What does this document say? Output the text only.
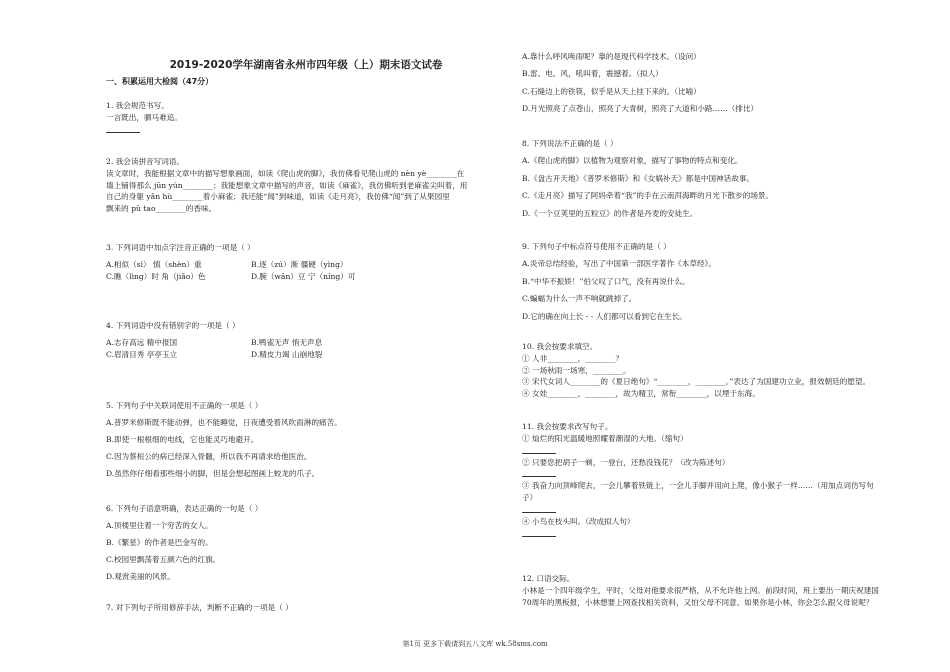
2019-2020学年湖南省永州市四年级（上）期末语文试卷
一、积累运用大检阅（47分）

1. 我会规范书写。

一言既出，驷马难追。

2. 我会读拼音写词语。

读文章时，我能根据文章中的描写想象画面，如读《爬山虎的脚》，我仿佛看见爬山虎的 nèn yè________在

墙上铺得那么 jūn yún________；我能想象文章中描写的声音，如读《麻雀》，我仿佛听到老麻雀尖叫着，用

自己的身躯 yǎn hù________着小麻雀；我还能“闻”到味道，如读《走月亮》，我仿佛“闻”到了从果园里

飘来的 pǔ tao________的香味。

3. 下列词语中加点字注音正确的一项是（ ）

A.相似（sì） 慎（shèn）重	B.逐（zú）渐 僵硬（yìng）

C.瞧（lìng）时 角（jiǎo）色	D.腕（wǎn）豆 宁（níng）可

4. 下列词语中没有错别字的一项是（ ）

A.志存高远 精中报国	B.鸭雀无声 悄无声息

C.眉清目秀 亭亭玉立	D.精皮力竭 山崩地裂

5. 下列句子中关联词使用不正确的一项是（ ）

A.普罗米修斯既不能动弹，也不能睡觉，日夜遭受着风吹雨淋的痛苦。

B.即使一根根细的电线，它也能灵巧地避开。

C.因为蔡桓公的病已经深入骨髓，所以我不再请求给他医治。

D.虽然你仔细看那些细小的脚，但是会想起图画上蛟龙的爪子。

6. 下列句子语意明确，表达正确的一句是（ ）

A.顶楼里住着一个穷苦的女人。

B.《繁星》的作者是巴金写的。

C.校园里飘荡着五颜六色的红旗。

D.观赏美丽的风景。

7. 对下列句子所用修辞手法，判断不正确的一项是（ ）

A.靠什么呼风唤雨呢？靠的是现代科学技术。（设问）

B.雷、电、风，吼叫着，震撼着。（拟人）

C.石缝边上的铁筷，似乎是从天上挂下来的。（比喻）

D.月光照亮了点苍山，照亮了大青树，照亮了大道和小路……（排比）

8. 下列说法不正确的是（ ）

A.《爬山虎的脚》以植物为观察对象，描写了事物的特点和变化。

B.《盘古开天地》《普罗米修斯》和《女娲补天》都是中国神话故事。

C.《走月亮》描写了阿妈牵着“我”的手在云南洱海畔的月光下散步的场景。

D.《一个豆荚里的五粒豆》的作者是丹麦的安徒生。

9. 下列句子中标点符号使用不正确的是（ ）

A.炎帝总结经验，写出了中国第一部医学著作《本草经》。

B.“中华不振娇！”伯父叹了口气，没有再说什么。

C.蝙蝠为什么一声不响就跳掉了。

D.它的确在向上长 - - 人们都可以看到它在生长。

10. 我会按要求填空。

① 人非________，________？

② 一场秋雨一场寒，________。

③ 宋代女词人________的《夏日绝句》“________，________。”表达了为国建功立业，报效朝廷的愿望。

④ 女娃________，________，故为精卫，常衔________，以堙于东海。

11. 我会按要求改写句子。

① 灿烂的阳光温暖地照耀着潮湿的大地。（缩句）

② 只要您把胡子一剃，一登台，还愁没钱花？（改为陈述句）

③ 我奋力向顶峰爬去，一会儿攀着铁链上，一会儿手脚并用向上爬，像小猴子一样……（用加点词仿写句

子）

④ 小鸟在枝头叫。（改成拟人句）

12. 口语交际。

小林是一个四年级学生，平时，父母对他要求很严格，从不允许他上网。前段时间，班上要出一期庆祝建国

70周年的黑板报，小林想要上网查找相关资料，又怕父母不同意。如果你是小林，你会怎么跟父母说呢？

第1页 更多下载请到五八文库 wk.58sms.com
